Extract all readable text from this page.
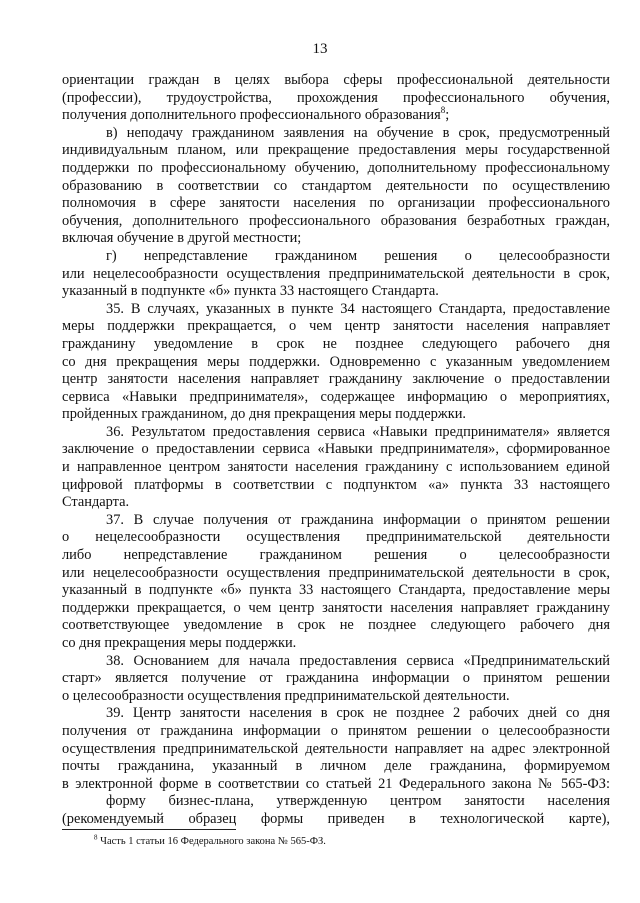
13
ориентации граждан в целях выбора сферы профессиональной деятельности
(профессии), трудоустройства, прохождения профессионального обучения,
получения дополнительного профессионального образования$^8$;
в) неподачу гражданином заявления на обучение в срок, предусмотренный
индивидуальным планом, или прекращение предоставления меры государственной
поддержки по профессиональному обучению, дополнительному профессиональному
образованию в соответствии со стандартом деятельности по осуществлению
полномочия в сфере занятости населения по организации профессионального
обучения, дополнительного профессионального образования безработных граждан,
включая обучение в другой местности;
г) непредставление гражданином решения о целесообразности
или нецелесообразности осуществления предпринимательской деятельности в срок,
указанный в подпункте «б» пункта 33 настоящего Стандарта.
35. В случаях, указанных в пункте 34 настоящего Стандарта, предоставление
меры поддержки прекращается, о чем центр занятости населения направляет
гражданину уведомление в срок не позднее следующего рабочего дня
со дня прекращения меры поддержки. Одновременно с указанным уведомлением
центр занятости населения направляет гражданину заключение о предоставлении
сервиса «Навыки предпринимателя», содержащее информацию о мероприятиях,
пройденных гражданином, до дня прекращения меры поддержки.
36. Результатом предоставления сервиса «Навыки предпринимателя» является
заключение о предоставлении сервиса «Навыки предпринимателя», сформированное
и направленное центром занятости населения гражданину с использованием единой
цифровой платформы в соответствии с подпунктом «а» пункта 33 настоящего
Стандарта.
37. В случае получения от гражданина информации о принятом решении
о нецелесообразности осуществления предпринимательской деятельности
либо непредставление гражданином решения о целесообразности
или нецелесообразности осуществления предпринимательской деятельности в срок,
указанный в подпункте «б» пункта 33 настоящего Стандарта, предоставление меры
поддержки прекращается, о чем центр занятости населения направляет гражданину
соответствующее уведомление в срок не позднее следующего рабочего дня
со дня прекращения меры поддержки.
38. Основанием для начала предоставления сервиса «Предпринимательский
старт» является получение от гражданина информации о принятом решении
о целесообразности осуществления предпринимательской деятельности.
39. Центр занятости населения в срок не позднее 2 рабочих дней со дня
получения от гражданина информации о принятом решении о целесообразности
осуществления предпринимательской деятельности направляет на адрес электронной
почты гражданина, указанный в личном деле гражданина, формируемом
в электронной форме в соответствии со статьей 21 Федерального закона № 565-ФЗ:
форму бизнес-плана, утвержденную центром занятости населения
(рекомендуемый образец формы приведен в технологической карте),
$^8$ Часть 1 статьи 16 Федерального закона № 565-ФЗ.
